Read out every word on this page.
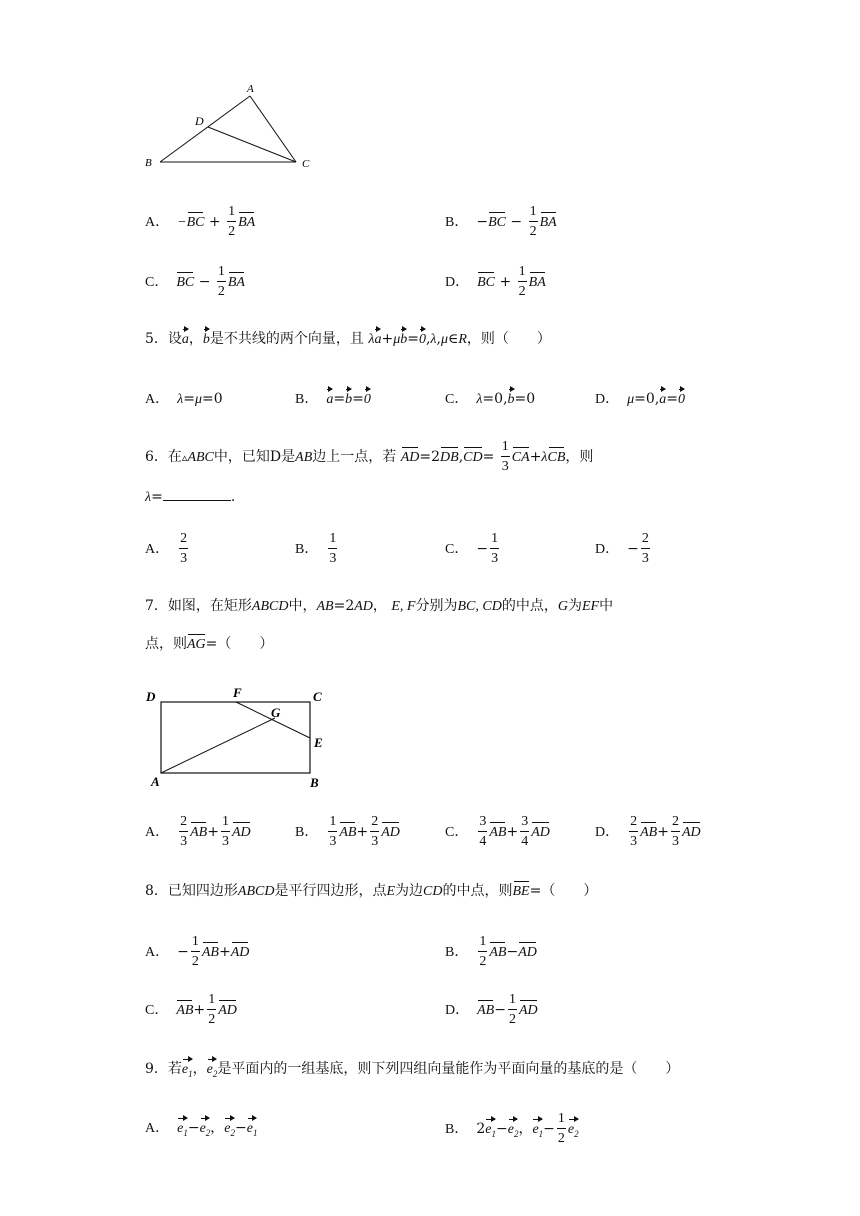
A
D
B	C
A． $-BC + \frac{1}{2}$ BA	B． $-BC - \frac{1}{2}$ BA
C． BC − $\frac{1}{2}$ BA	D． BC + $\frac{1}{2}$ BA
5．设a，b是不共线的两个向量，且 λa+μb=0,λ,μ∈R，则（　　）
A． λ=μ=0	B． a=b=0	C． λ=0,b=0	D． μ=0,a=0
6．在▵ABC中，已知D是AB边上一点，若 $AD=2DB,CD= \frac{1}{3} CA+\lambda CB$，则
λ=	.
A． $\frac{2}{3}$	B． $\frac{1}{3}$	C． − $\frac{1}{3}$	D． − $\frac{2}{3}$
7．如图，在矩形ABCD中，AB=2AD， E, F分别为BC, CD的中点，G为EF中
点，则AG=（　　）
D	F	C
G
E
A	B
A． $\frac{2}{3} AB+ \frac{1}{3}$ AD	B． $\frac{1}{3} AB+ \frac{2}{3}$ AD	C． $\frac{3}{4} AB+ \frac{3}{4}$ AD	D． $\frac{2}{3} AB+ \frac{2}{3}$ AD
8．已知四边形ABCD是平行四边形，点E为边CD的中点，则BE=（　　）
A． − $\frac{1}{2} AB+AD$	B． $\frac{1}{2} AB-AD$
C． $AB+ \frac{1}{2}$ AD	D． $AB- \frac{1}{2}$ AD
9．若$e_1$，$e_2$是平面内的一组基底，则下列四组向量能作为平面向量的基底的是（　　）
A． $e_1-e_2$，$e_2-e_1$	B． $2e_1-e_2$，$e_1- \frac{1}{2} e_2$
